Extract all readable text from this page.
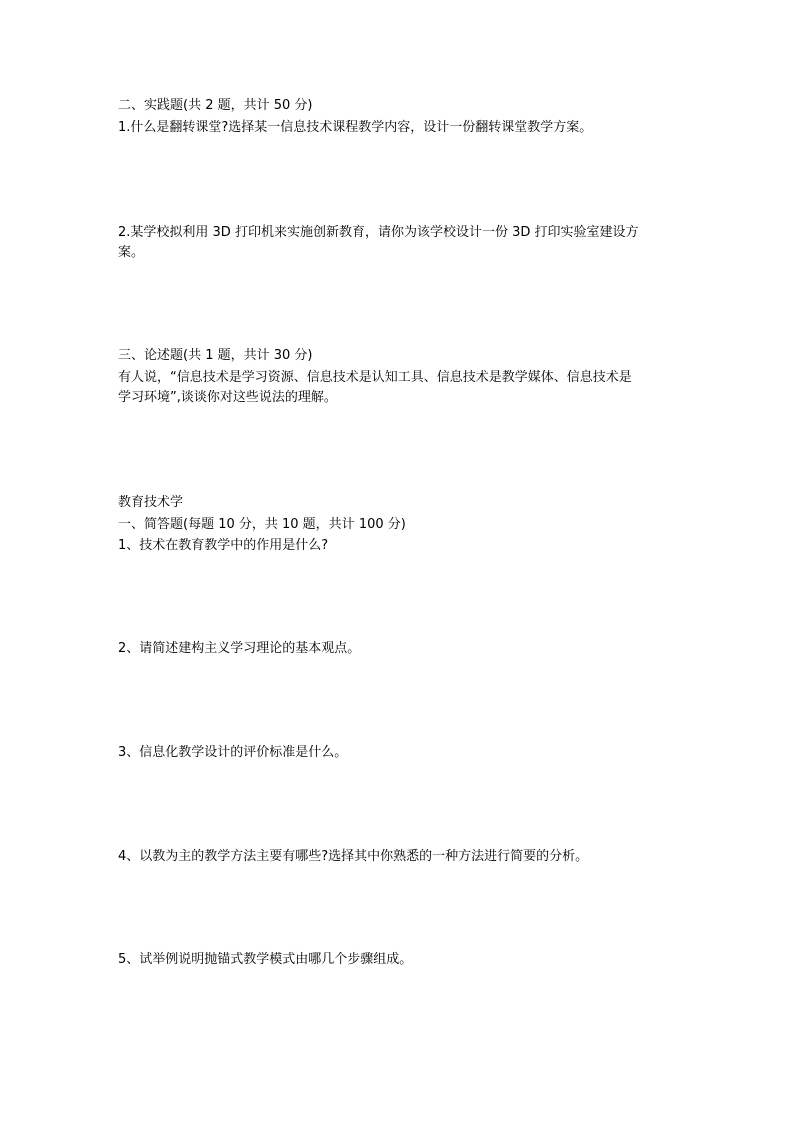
二、实践题(共 2 题，共计 50 分)
1.什么是翻转课堂?选择某一信息技术课程教学内容，设计一份翻转课堂教学方案。
2.某学校拟利用 3D 打印机来实施创新教育，请你为该学校设计一份 3D 打印实验室建设方
案。
三、论述题(共 1 题，共计 30 分)
有人说，“信息技术是学习资源、信息技术是认知工具、信息技术是教学媒体、信息技术是
学习环境”,谈谈你对这些说法的理解。
教育技术学
一、简答题(每题 10 分，共 10 题，共计 100 分)
1、技术在教育教学中的作用是什么?
2、请简述建构主义学习理论的基本观点。
3、信息化教学设计的评价标准是什么。
4、以教为主的教学方法主要有哪些?选择其中你熟悉的一种方法进行简要的分析。
5、试举例说明抛锚式教学模式由哪几个步骤组成。
